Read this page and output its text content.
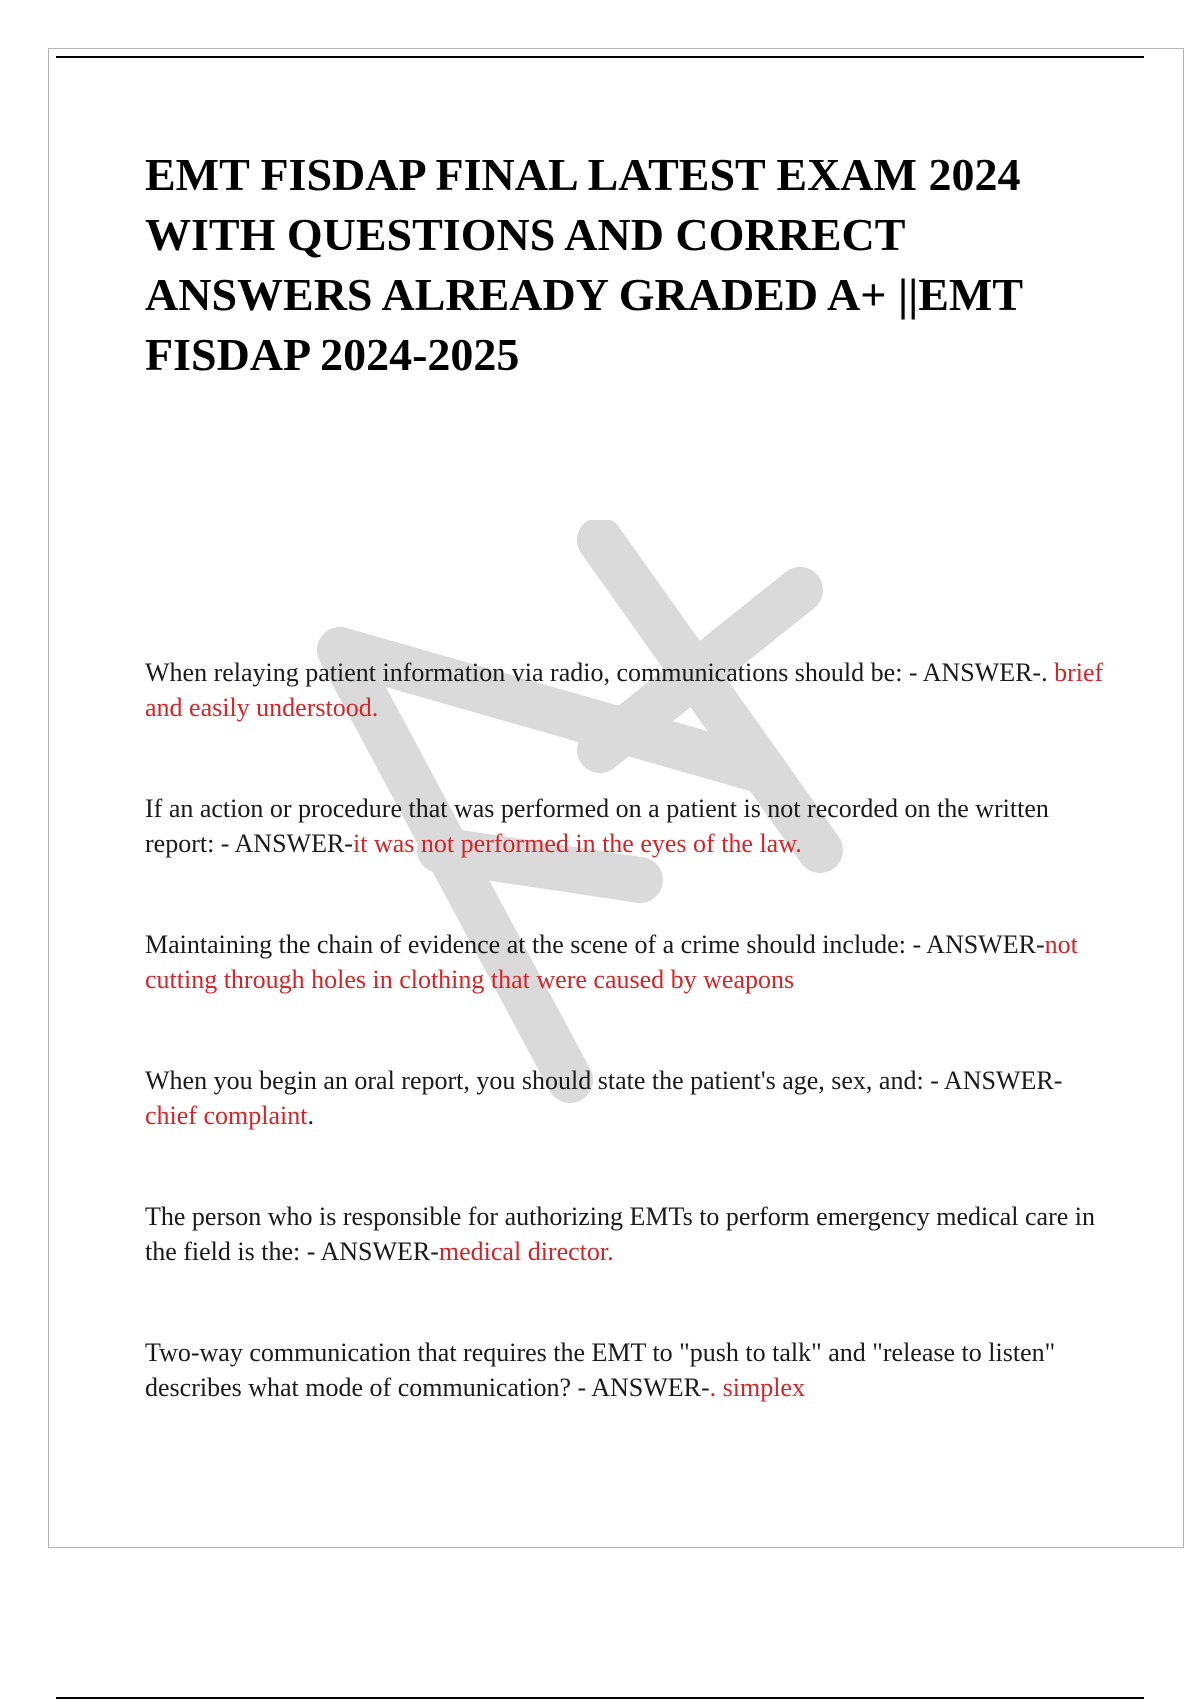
EMT FISDAP FINAL LATEST EXAM 2024 WITH QUESTIONS AND CORRECT ANSWERS ALREADY GRADED A+ ||EMT FISDAP 2024-2025
When relaying patient information via radio, communications should be: - ANSWER-. brief and easily understood.
If an action or procedure that was performed on a patient is not recorded on the written report: - ANSWER-it was not performed in the eyes of the law.
Maintaining the chain of evidence at the scene of a crime should include: - ANSWER-not cutting through holes in clothing that were caused by weapons
When you begin an oral report, you should state the patient's age, sex, and: - ANSWER-chief complaint.
The person who is responsible for authorizing EMTs to perform emergency medical care in the field is the: - ANSWER-medical director.
Two-way communication that requires the EMT to "push to talk" and "release to listen" describes what mode of communication? - ANSWER-. simplex
